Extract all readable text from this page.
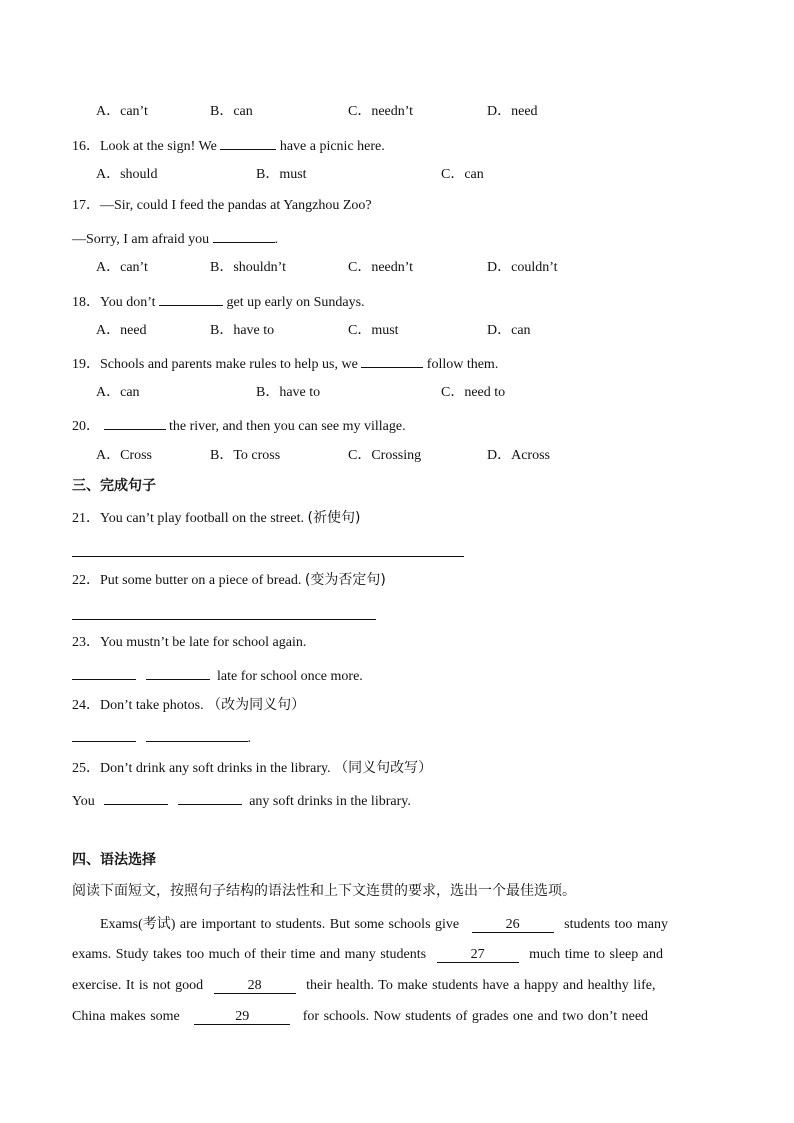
A．can’t	B．can	C．needn’t	D．need
16．Look at the sign! We	have a picnic here.
A．should	B．must	C．can
17．—Sir, could I feed the pandas at Yangzhou Zoo?
—Sorry, I am afraid you	.
A．can’t	B．shouldn’t	C．needn’t	D．couldn’t
18．You don’t	get up early on Sundays.
A．need	B．have to	C．must	D．can
19．Schools and parents make rules to help us, we	follow them.
A．can	B．have to	C．need to
20．	the river, and then you can see my village.
A．Cross	B．To cross	C．Crossing	D．Across
三、完成句子
21．You can’t play football on the street. (祈使句)
22．Put some butter on a piece of bread. (变为否定句)
23．You mustn’t be late for school again.
late for school once more.
24．Don’t take photos. （改为同义句）
.
25．Don’t drink any soft drinks in the library. （同义句改写）
You	any soft drinks in the library.
四、语法选择
阅读下面短文，按照句子结构的语法性和上下文连贯的要求，选出一个最佳选项。
Exams(考试) are important to students. But some schools give	26	students too many
exams. Study takes too much of their time and many students	27	much time to sleep and
exercise. It is not good	28	their health. To make students have a happy and healthy life,
China makes some	29	for schools. Now students of grades one and two don’t need
